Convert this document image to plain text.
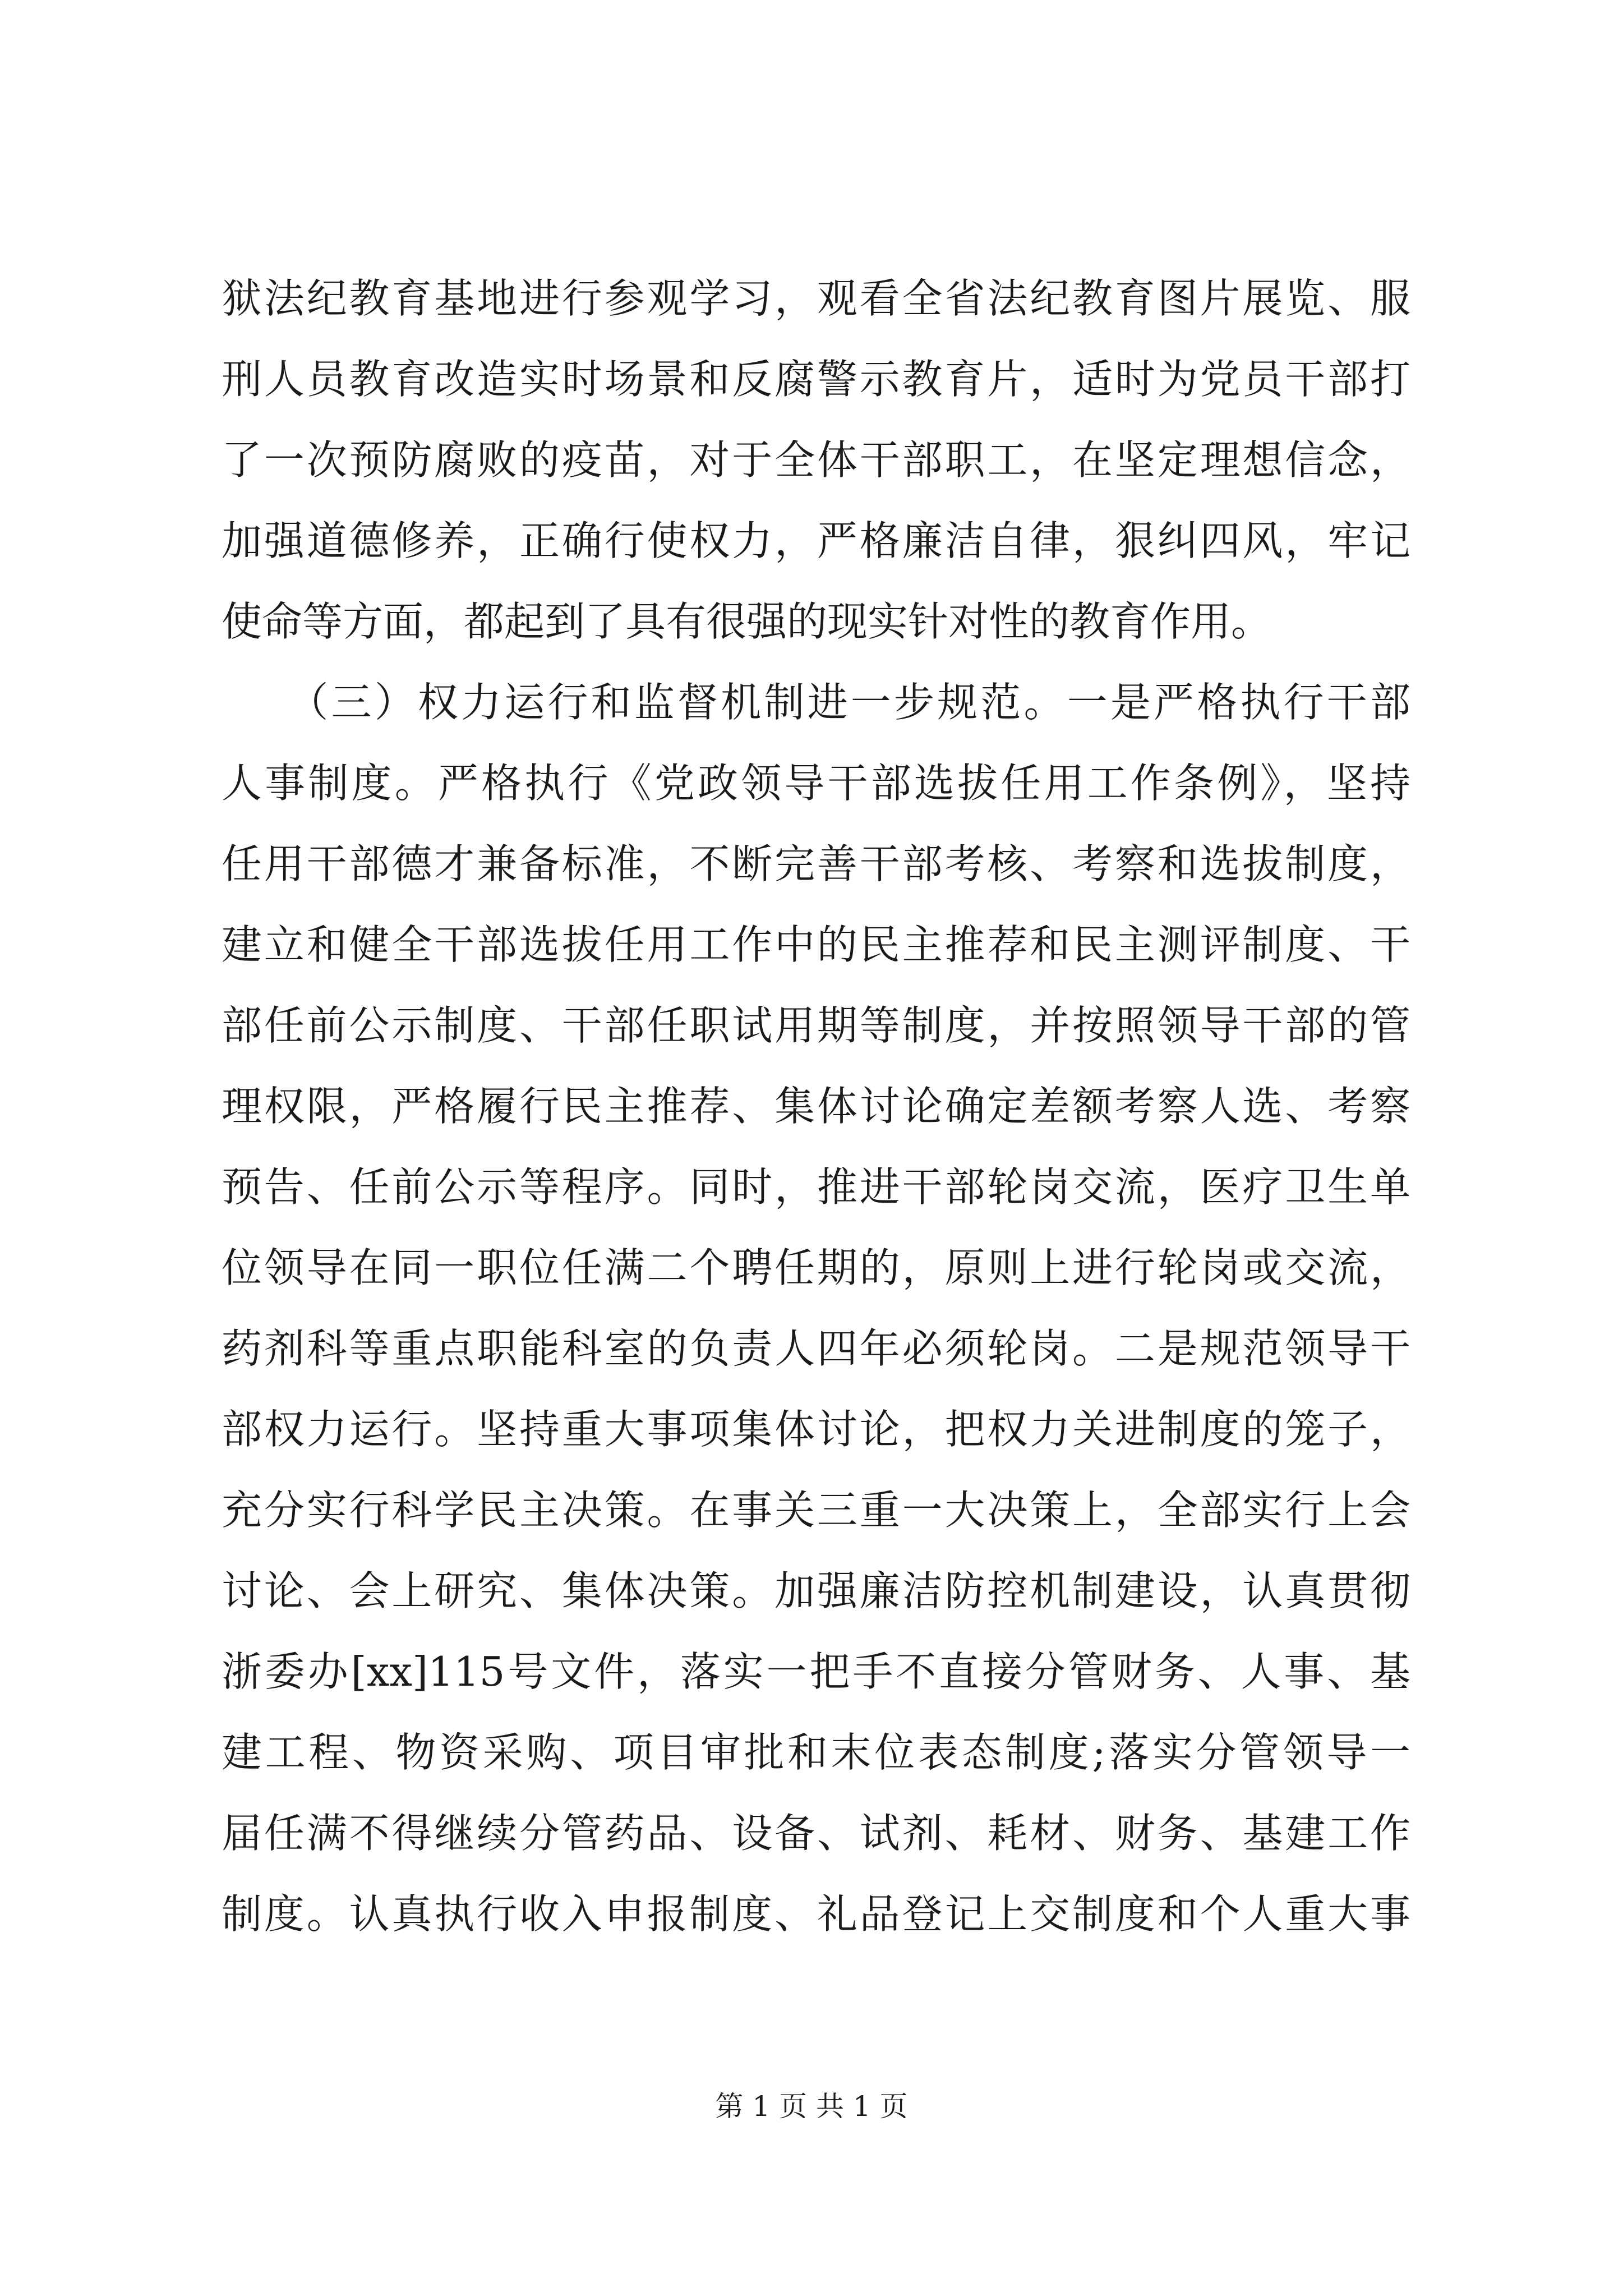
狱法纪教育基地进行参观学习，观看全省法纪教育图片展览、服
刑人员教育改造实时场景和反腐警示教育片，适时为党员干部打
了一次预防腐败的疫苗，对于全体干部职工，在坚定理想信念，
加强道德修养，正确行使权力，严格廉洁自律，狠纠四风，牢记
使命等方面，都起到了具有很强的现实针对性的教育作用。
　　（三）权力运行和监督机制进一步规范。一是严格执行干部
人事制度。严格执行《党政领导干部选拔任用工作条例》，坚持
任用干部德才兼备标准，不断完善干部考核、考察和选拔制度，
建立和健全干部选拔任用工作中的民主推荐和民主测评制度、干
部任前公示制度、干部任职试用期等制度，并按照领导干部的管
理权限，严格履行民主推荐、集体讨论确定差额考察人选、考察
预告、任前公示等程序。同时，推进干部轮岗交流，医疗卫生单
位领导在同一职位任满二个聘任期的，原则上进行轮岗或交流，
药剂科等重点职能科室的负责人四年必须轮岗。二是规范领导干
部权力运行。坚持重大事项集体讨论，把权力关进制度的笼子，
充分实行科学民主决策。在事关三重一大决策上，全部实行上会
讨论、会上研究、集体决策。加强廉洁防控机制建设，认真贯彻
浙委办[xx]115号文件，落实一把手不直接分管财务、人事、基
建工程、物资采购、项目审批和末位表态制度;落实分管领导一
届任满不得继续分管药品、设备、试剂、耗材、财务、基建工作
制度。认真执行收入申报制度、礼品登记上交制度和个人重大事
第 1 页 共 1 页
